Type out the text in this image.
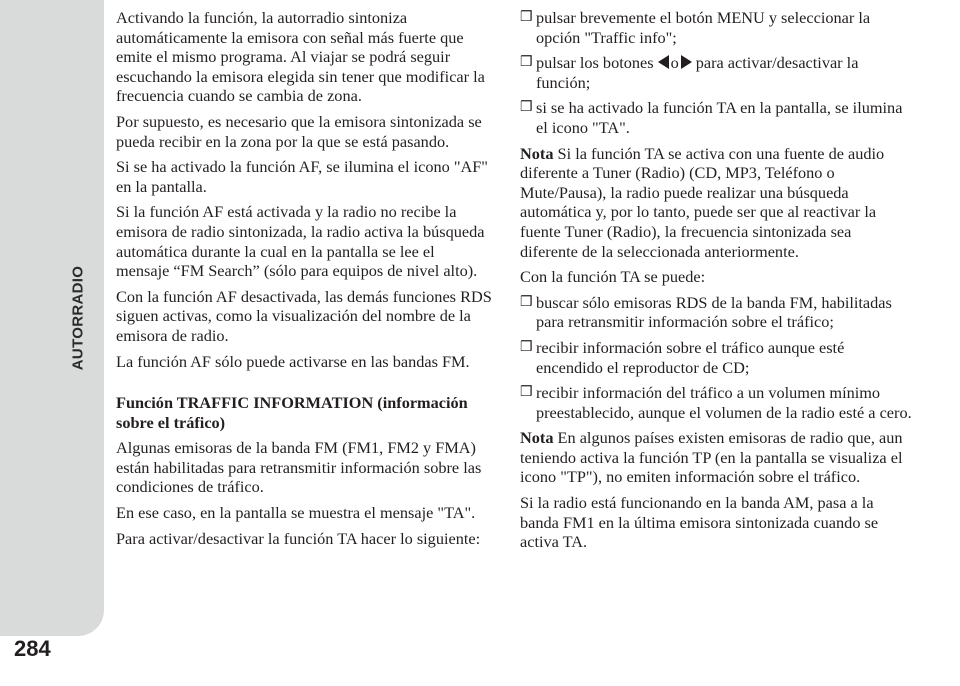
AUTORRADIO
284

Activando la función, la autorradio sintoniza automáticamente la emisora con señal más fuerte que emite el mismo programa. Al viajar se podrá seguir escuchando la emisora elegida sin tener que modificar la frecuencia cuando se cambia de zona.

Por supuesto, es necesario que la emisora sintonizada se pueda recibir en la zona por la que se está pasando.

Si se ha activado la función AF, se ilumina el icono "AF" en la pantalla.

Si la función AF está activada y la radio no recibe la emisora de radio sintonizada, la radio activa la búsqueda automática durante la cual en la pantalla se lee el mensaje “FM Search” (sólo para equipos de nivel alto).

Con la función AF desactivada, las demás funciones RDS siguen activas, como la visualización del nombre de la emisora de radio.

La función AF sólo puede activarse en las bandas FM.

Función TRAFFIC INFORMATION (información sobre el tráfico)

Algunas emisoras de la banda FM (FM1, FM2 y FMA) están habilitadas para retransmitir información sobre las condiciones de tráfico.

En ese caso, en la pantalla se muestra el mensaje "TA".

Para activar/desactivar la función TA hacer lo siguiente:

❒ pulsar brevemente el botón MENU y seleccionar la opción "Traffic info";
❒ pulsar los botones o para activar/desactivar la función;
❒ si se ha activado la función TA en la pantalla, se ilumina el icono "TA".

Nota Si la función TA se activa con una fuente de audio diferente a Tuner (Radio) (CD, MP3, Teléfono o Mute/Pausa), la radio puede realizar una búsqueda automática y, por lo tanto, puede ser que al reactivar la fuente Tuner (Radio), la frecuencia sintonizada sea diferente de la seleccionada anteriormente.

Con la función TA se puede:

❒ buscar sólo emisoras RDS de la banda FM, habilitadas para retransmitir información sobre el tráfico;
❒ recibir información sobre el tráfico aunque esté encendido el reproductor de CD;
❒ recibir información del tráfico a un volumen mínimo preestablecido, aunque el volumen de la radio esté a cero.

Nota En algunos países existen emisoras de radio que, aun teniendo activa la función TP (en la pantalla se visualiza el icono "TP"), no emiten información sobre el tráfico.

Si la radio está funcionando en la banda AM, pasa a la banda FM1 en la última emisora sintonizada cuando se activa TA.
